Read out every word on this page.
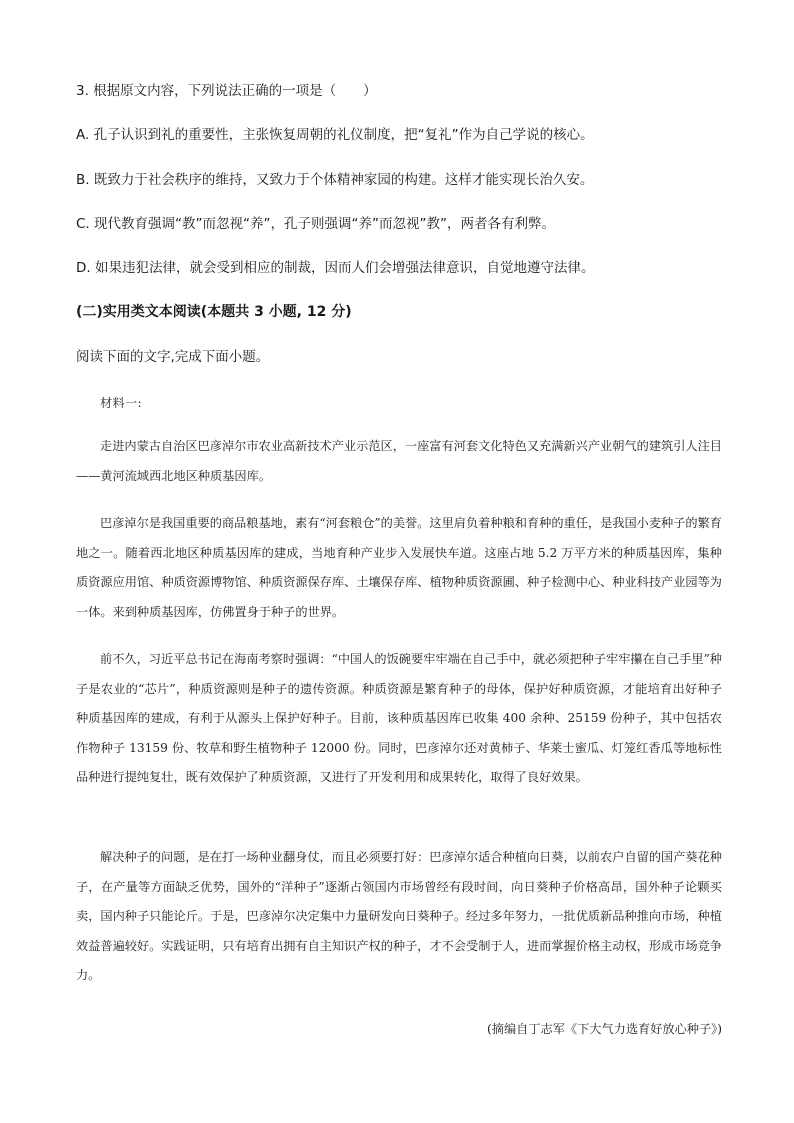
3. 根据原文内容，下列说法正确的一项是（　　）
A. 孔子认识到礼的重要性，主张恢复周朝的礼仪制度，把“复礼”作为自己学说的核心。
B. 既致力于社会秩序的维持，又致力于个体精神家园的构建。这样才能实现长治久安。
C. 现代教育强调“教”而忽视“养”，孔子则强调“养”而忽视”教”，两者各有利弊。
D. 如果违犯法律，就会受到相应的制裁，因而人们会增强法律意识，自觉地遵守法律。
(二)实用类文本阅读(本题共 3 小题, 12 分)
阅读下面的文字,完成下面小题。
材料一:
走进内蒙古自治区巴彦淖尔市农业高新技术产业示范区，一座富有河套文化特色又充满新兴产业朝气的建筑引人注目——黄河流域西北地区种质基因库。
巴彦淖尔是我国重要的商品粮基地，素有“河套粮仓”的美誉。这里肩负着种粮和育种的重任，是我国小麦种子的繁育地之一。随着西北地区种质基因库的建成，当地育种产业步入发展快车道。这座占地 5.2 万平方米的种质基因库，集种质资源应用馆、种质资源博物馆、种质资源保存库、土壤保存库、植物种质资源圃、种子检测中心、种业科技产业园等为一体。来到种质基因库，仿佛置身于种子的世界。
前不久，习近平总书记在海南考察时强调：“中国人的饭碗要牢牢端在自己手中，就必须把种子牢牢攥在自己手里”种子是农业的“芯片”，种质资源则是种子的遗传资源。种质资源是繁育种子的母体，保护好种质资源，才能培育出好种子种质基因库的建成，有利于从源头上保护好种子。目前，该种质基因库已收集 400 余种、25159 份种子，其中包括农作物种子 13159 份、牧草和野生植物种子 12000 份。同时，巴彦淖尔还对黄柿子、华莱士蜜瓜、灯笼红香瓜等地标性品种进行提纯复壮，既有效保护了种质资源，又进行了开发利用和成果转化，取得了良好效果。
解决种子的问题，是在打一场种业翻身仗，而且必须要打好：巴彦淖尔适合种植向日葵，以前农户自留的国产葵花种子，在产量等方面缺乏优势，国外的“洋种子”逐渐占领国内市场曾经有段时间，向日葵种子价格高昂，国外种子论颗买卖，国内种子只能论斤。于是，巴彦淖尔决定集中力量研发向日葵种子。经过多年努力，一批优质新品种推向市场，种植效益普遍较好。实践证明，只有培育出拥有自主知识产权的种子，才不会受制于人，进而掌握价格主动权，形成市场竞争力。
(摘编自丁志军《下大气力选育好放心种子》)
